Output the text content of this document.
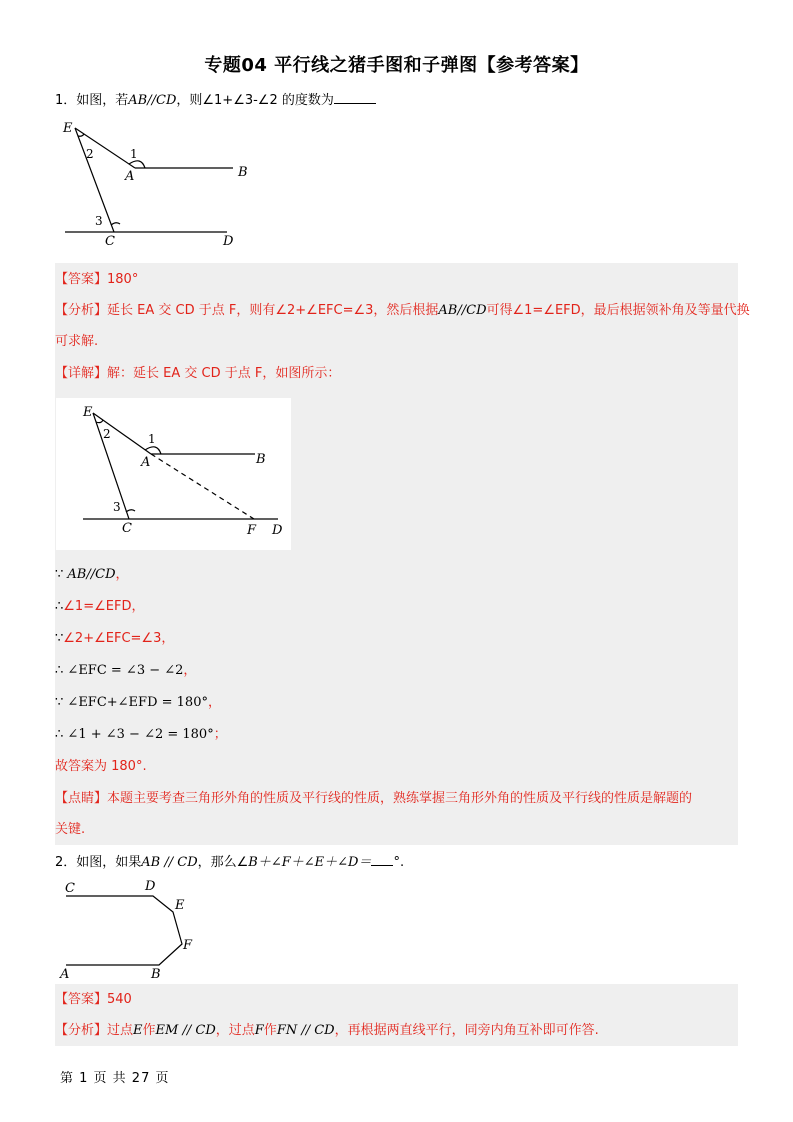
专题04 平行线之猪手图和子弹图【参考答案】
1．如图，若AB//CD，则∠1+∠3-∠2 的度数为
E
A	B
C	D
1
2
3
【答案】180°
【分析】延长 EA 交 CD 于点 F，则有∠2+∠EFC=∠3，然后根据AB//CD可得∠1=∠EFD，最后根据领补角及等量代换
可求解.
【详解】解：延长 EA 交 CD 于点 F，如图所示：
E
A	B
C	F D
1
2
3
∵ AB//CD，
∴∠1=∠EFD，
∵∠2+∠EFC=∠3，
∴ ∠EFC = ∠3 − ∠2，
∵ ∠EFC+∠EFD = 180°，
∴ ∠1 + ∠3 − ∠2 = 180°；
故答案为 180°.
【点睛】本题主要考查三角形外角的性质及平行线的性质，熟练掌握三角形外角的性质及平行线的性质是解题的
关键.
2．如图，如果AB // CD，那么∠B＋∠F＋∠E＋∠D＝ °.
C	D
E
F
A	B
【答案】540
【分析】过点E作EM // CD，过点F作FN // CD，再根据两直线平行，同旁内角互补即可作答.
第 1 页 共 27 页
